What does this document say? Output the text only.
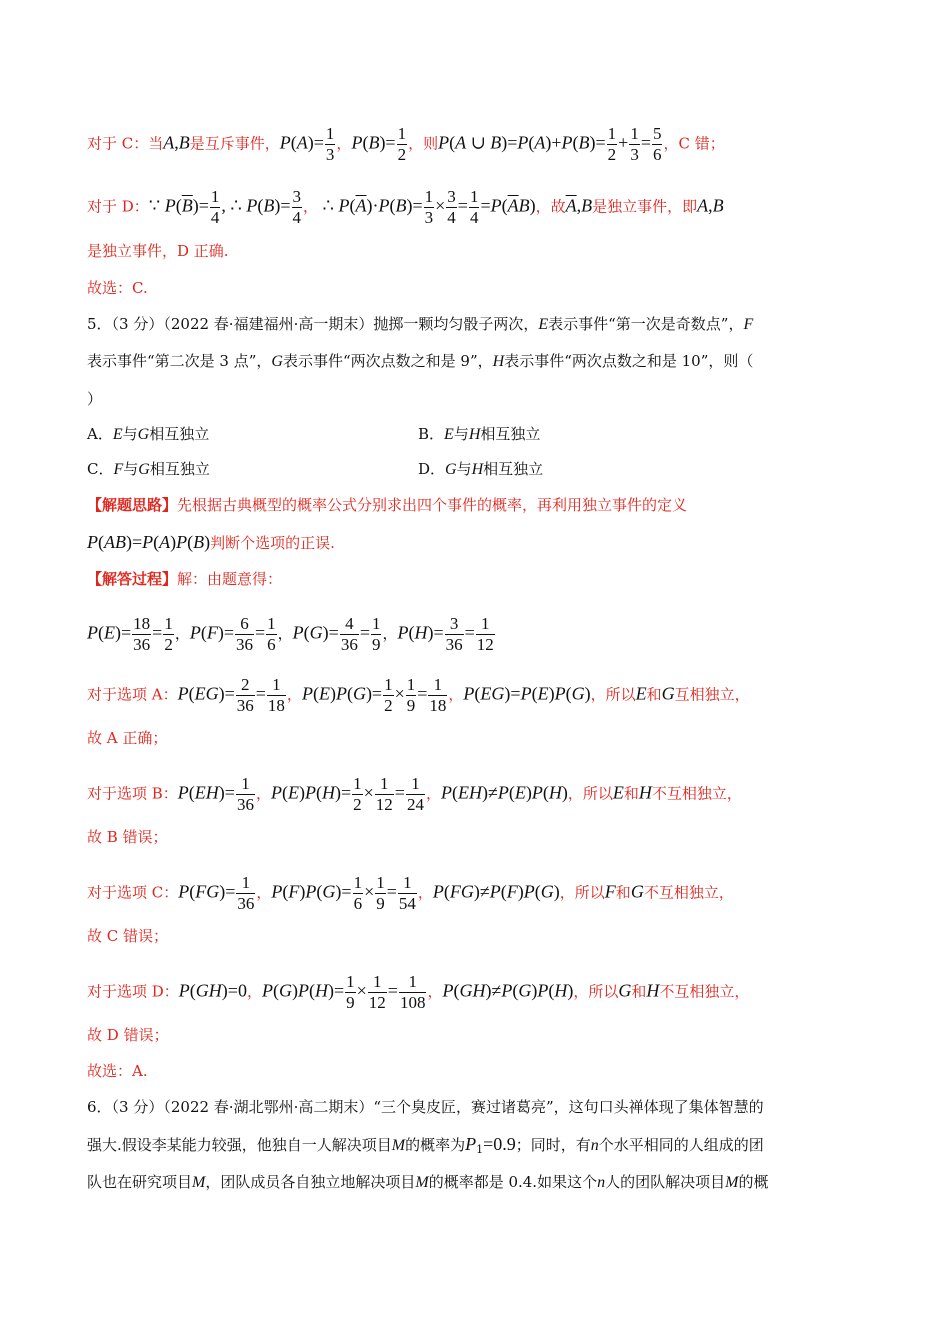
对于 C：当A,B是互斥事件，$P(A)= \frac{1}{3}$ ，$P(B)= \frac{1}{2}$ ，则P(A ∪ $B)=P(A)+P(B)= \frac{1}{2} + \frac{1}{3} = \frac{5}{6}$ ，C 错；
对于 D：∵ $P(\overline{B})= \frac{1}{4}$ , ∴ $P(B)= \frac{3}{4}$ ， ∴ $P(\overline{A})\cdot P(B)= \frac{1}{3} \times \frac{3}{4} = \frac{1}{4} =P(\overline{A}B)$，故$\overline{A},B$是独立事件，即A,B
是独立事件，D 正确.
故选：C.
5．（3 分）（2022 春·福建福州·高一期末）抛掷一颗均匀骰子两次，E表示事件“第一次是奇数点”，F
表示事件“第二次是 3 点”，G表示事件“两次点数之和是 9”，H表示事件“两次点数之和是 10”，则（
）
A．E与G相互独立	B．E与H相互独立
C．F与G相互独立	D．G与H相互独立
【解题思路】先根据古典概型的概率公式分别求出四个事件的概率，再利用独立事件的定义
P(AB)=P(A)P(B)判断个选项的正误.
【解答过程】解：由题意得：
$P(E)= \frac{18}{36} = \frac{1}{2}$ ，$P(F)= \frac{6}{36} = \frac{1}{6}$ ，$P(G)= \frac{4}{36} = \frac{1}{9}$ ，$P(H)= \frac{3}{36} = \frac{1}{12}$
对于选项 A：$P(EG)= \frac{2}{36} = \frac{1}{18}$ ，$P(E)P(G)= \frac{1}{2} \times \frac{1}{9} = \frac{1}{18}$ ，P(EG)=P(E)P(G)，所以E和G互相独立，
故 A 正确；
对于选项 B：$P(EH)= \frac{1}{36}$ ，$P(E)P(H)= \frac{1}{2} \times \frac{1}{12} = \frac{1}{24}$ ，P(EH)≠P(E)P(H)，所以E和H不互相独立，
故 B 错误；
对于选项 C：$P(FG)= \frac{1}{36}$ ，$P(F)P(G)= \frac{1}{6} \times \frac{1}{9} = \frac{1}{54}$ ，P(FG)≠P(F)P(G)，所以F和G不互相独立，
故 C 错误；
对于选项 D：P(GH)=0，$P(G)P(H)= \frac{1}{9} \times \frac{1}{12} = \frac{1}{108}$ ，P(GH)≠P(G)P(H)，所以G和H不互相独立，
故 D 错误；
故选：A.
6．（3 分）（2022 春·湖北鄂州·高二期末）“三个臭皮匠，赛过诸葛亮”，这句口头禅体现了集体智慧的
强大.假设李某能力较强，他独自一人解决项目M的概率为$P_1=0.9$；同时，有n个水平相同的人组成的团
队也在研究项目M，团队成员各自独立地解决项目M的概率都是 0.4.如果这个n人的团队解决项目M的概
